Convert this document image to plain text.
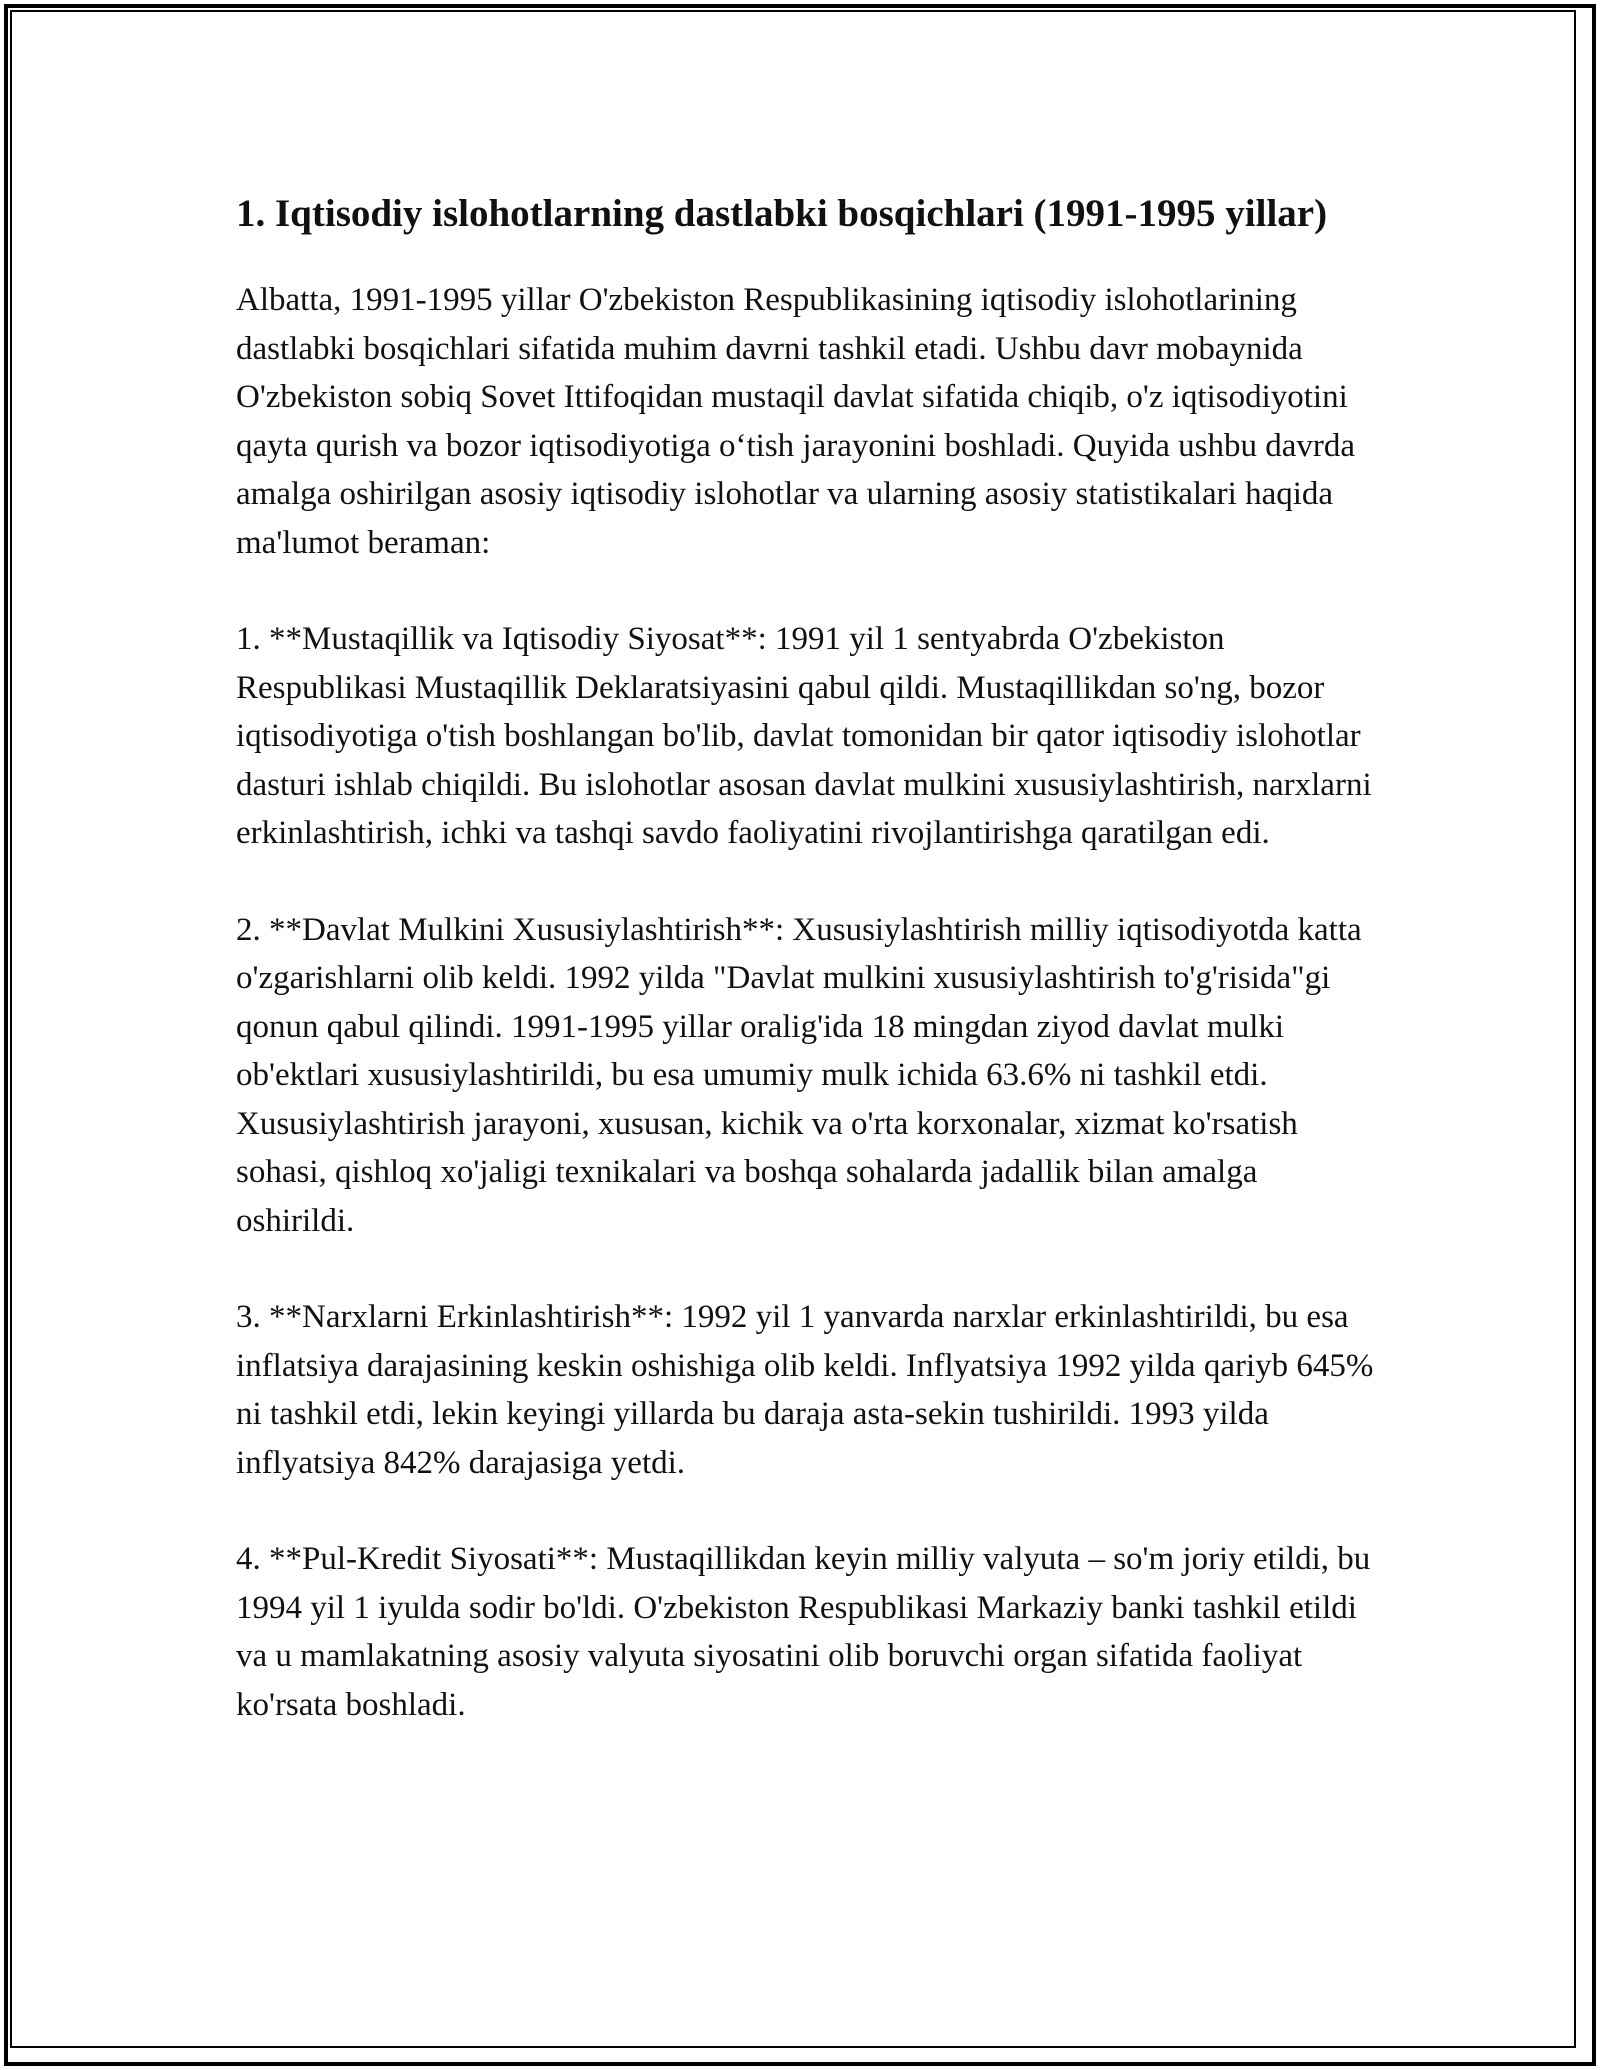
1. Iqtisodiy islohotlarning dastlabki bosqichlari (1991-1995 yillar)

Albatta, 1991-1995 yillar O'zbekiston Respublikasining iqtisodiy islohotlarining dastlabki bosqichlari sifatida muhim davrni tashkil etadi. Ushbu davr mobaynida O'zbekiston sobiq Sovet Ittifoqidan mustaqil davlat sifatida chiqib, o'z iqtisodiyotini qayta qurish va bozor iqtisodiyotiga o‘tish jarayonini boshladi. Quyida ushbu davrda amalga oshirilgan asosiy iqtisodiy islohotlar va ularning asosiy statistikalari haqida ma'lumot beraman:

1. **Mustaqillik va Iqtisodiy Siyosat**: 1991 yil 1 sentyabrda O'zbekiston Respublikasi Mustaqillik Deklaratsiyasini qabul qildi. Mustaqillikdan so'ng, bozor iqtisodiyotiga o'tish boshlangan bo'lib, davlat tomonidan bir qator iqtisodiy islohotlar dasturi ishlab chiqildi. Bu islohotlar asosan davlat mulkini xususiylashtirish, narxlarni erkinlashtirish, ichki va tashqi savdo faoliyatini rivojlantirishga qaratilgan edi.

2. **Davlat Mulkini Xususiylashtirish**: Xususiylashtirish milliy iqtisodiyotda katta o'zgarishlarni olib keldi. 1992 yilda "Davlat mulkini xususiylashtirish to'g'risida"gi qonun qabul qilindi. 1991-1995 yillar oralig'ida 18 mingdan ziyod davlat mulki ob'ektlari xususiylashtirildi, bu esa umumiy mulk ichida 63.6% ni tashkil etdi. Xususiylashtirish jarayoni, xususan, kichik va o'rta korxonalar, xizmat ko'rsatish sohasi, qishloq xo'jaligi texnikalari va boshqa sohalarda jadallik bilan amalga oshirildi.

3. **Narxlarni Erkinlashtirish**: 1992 yil 1 yanvarda narxlar erkinlashtirildi, bu esa inflatsiya darajasining keskin oshishiga olib keldi. Inflyatsiya 1992 yilda qariyb 645% ni tashkil etdi, lekin keyingi yillarda bu daraja asta-sekin tushirildi. 1993 yilda inflyatsiya 842% darajasiga yetdi.

4. **Pul-Kredit Siyosati**: Mustaqillikdan keyin milliy valyuta – so'm joriy etildi, bu 1994 yil 1 iyulda sodir bo'ldi. O'zbekiston Respublikasi Markaziy banki tashkil etildi va u mamlakatning asosiy valyuta siyosatini olib boruvchi organ sifatida faoliyat ko'rsata boshladi.
